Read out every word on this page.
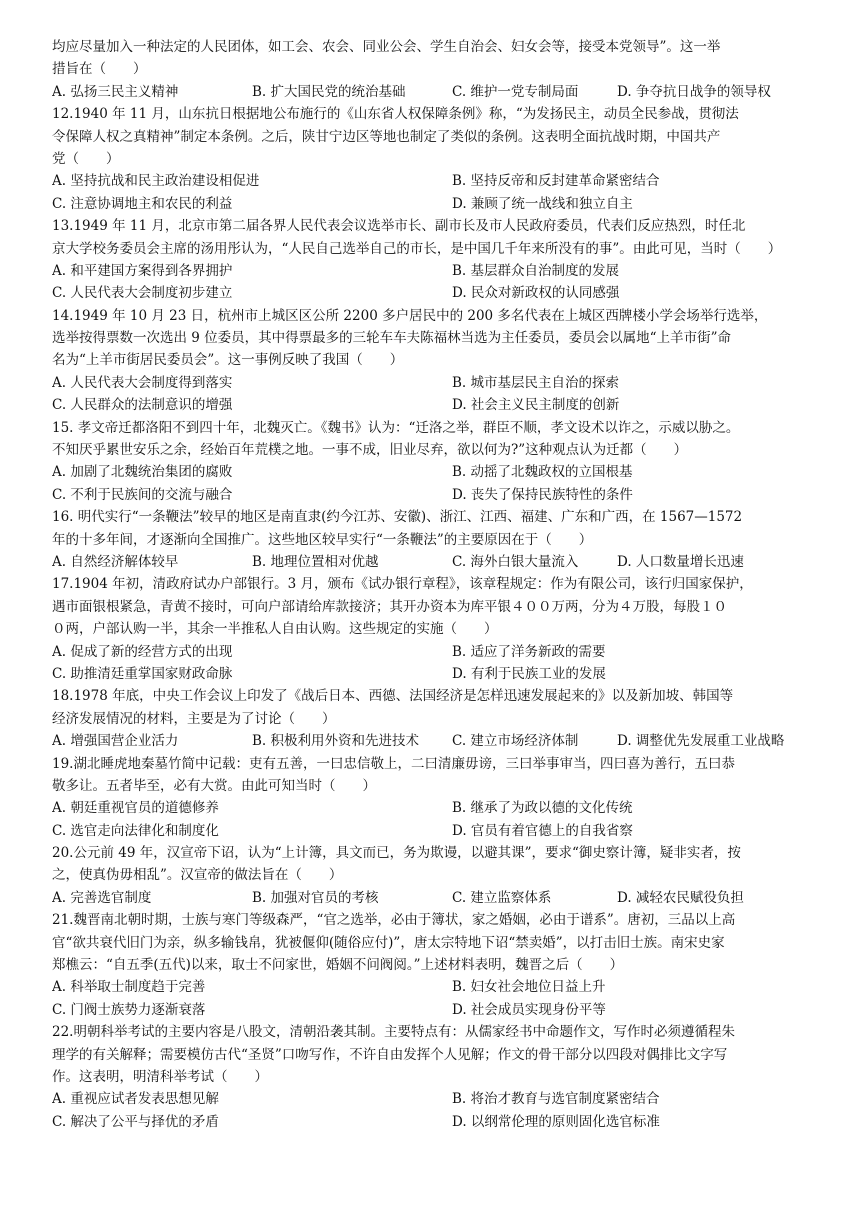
均应尽量加入一种法定的人民团体，如工会、农会、同业公会、学生自治会、妇女会等，接受本党领导”。这一举
措旨在（　　）
A. 弘扬三民主义精神	B. 扩大国民党的统治基础	C. 维护一党专制局面	D. 争夺抗日战争的领导权
12.1940 年 11 月，山东抗日根据地公布施行的《山东省人权保障条例》称，“为发扬民主，动员全民参战，贯彻法
令保障人权之真精神”制定本条例。之后，陕甘宁边区等地也制定了类似的条例。这表明全面抗战时期，中国共产
党（　　）
A. 坚持抗战和民主政治建设相促进	B. 坚持反帝和反封建革命紧密结合
C. 注意协调地主和农民的利益	D. 兼顾了统一战线和独立自主
13.1949 年 11 月，北京市第二届各界人民代表会议选举市长、副市长及市人民政府委员，代表们反应热烈，时任北
京大学校务委员会主席的汤用彤认为，“人民自己选举自己的市长，是中国几千年来所没有的事”。由此可见，当时（　　）
A. 和平建国方案得到各界拥护	B. 基层群众自治制度的发展
C. 人民代表大会制度初步建立	D. 民众对新政权的认同感强
14.1949 年 10 月 23 日，杭州市上城区区公所 2200 多户居民中的 200 多名代表在上城区西牌楼小学会场举行选举，
选举按得票数一次选出 9 位委员，其中得票最多的三轮车车夫陈福林当选为主任委员，委员会以属地“上羊市街”命
名为“上羊市街居民委员会”。这一事例反映了我国（　　）
A. 人民代表大会制度得到落实	B. 城市基层民主自治的探索
C. 人民群众的法制意识的增强	D. 社会主义民主制度的创新
15. 孝文帝迁都洛阳不到四十年，北魏灭亡。《魏书》认为：“迁洛之举，群臣不顺，孝文设术以诈之，示威以胁之。
不知厌乎累世安乐之余，经始百年荒樸之地。一事不成，旧业尽弃，欲以何为?”这种观点认为迁都（　　）
A. 加剧了北魏统治集团的腐败	B. 动摇了北魏政权的立国根基
C. 不利于民族间的交流与融合	D. 丧失了保持民族特性的条件
16. 明代实行“一条鞭法”较早的地区是南直隶(约今江苏、安徽)、浙江、江西、福建、广东和广西，在 1567—1572
年的十多年间，才逐渐向全国推广。这些地区较早实行“一条鞭法”的主要原因在于（　　）
A. 自然经济解体较早	B. 地理位置相对优越	C. 海外白银大量流入	D. 人口数量增长迅速
17.1904 年初，清政府试办户部银行。3 月，颁布《试办银行章程》，该章程规定：作为有限公司，该行归国家保护，
遇市面银根紧急，青黄不接时，可向户部请给库款接济；其开办资本为库平银４００万两，分为４万股，每股１０
０两，户部认购一半，其余一半推私人自由认购。这些规定的实施（　　）
A. 促成了新的经营方式的出现	B. 适应了洋务新政的需要
C. 助推清廷重掌国家财政命脉	D. 有利于民族工业的发展
18.1978 年底，中央工作会议上印发了《战后日本、西德、法国经济是怎样迅速发展起来的》以及新加坡、韩国等
经济发展情况的材料，主要是为了讨论（　　）
A. 增强国营企业活力	B. 积极利用外资和先进技术	C. 建立市场经济体制	D. 调整优先发展重工业战略
19.湖北睡虎地秦墓竹简中记载：吏有五善，一曰忠信敬上，二曰清廉毋谤，三曰举事审当，四曰喜为善行，五曰恭
敬多让。五者毕至，必有大赏。由此可知当时（　　）
A. 朝廷重视官员的道德修养	B. 继承了为政以德的文化传统
C. 选官走向法律化和制度化	D. 官员有着官德上的自我省察
20.公元前 49 年，汉宣帝下诏，认为“上计簿，具文而已，务为欺谩，以避其课”，要求“御史察计簿，疑非实者，按
之，使真伪毋相乱”。汉宣帝的做法旨在（　　）
A. 完善选官制度	B. 加强对官员的考核	C. 建立监察体系	D. 减轻农民赋役负担
21.魏晋南北朝时期，士族与寒门等级森严，“官之选举，必由于簿状，家之婚姻，必由于谱系”。唐初，三品以上高
官“欲共衰代旧门为亲，纵多输钱帛，犹被偃仰(随俗应付)”，唐太宗特地下诏“禁卖婚”，以打击旧士族。南宋史家
郑樵云：“自五季(五代)以来，取士不问家世，婚姻不问阀阅。”上述材料表明，魏晋之后（　　）
A. 科举取士制度趋于完善	B. 妇女社会地位日益上升
C. 门阀士族势力逐渐衰落	D. 社会成员实现身份平等
22.明朝科举考试的主要内容是八股文，清朝沿袭其制。主要特点有：从儒家经书中命题作文，写作时必须遵循程朱
理学的有关解释；需要模仿古代“圣贤”口吻写作，不许自由发挥个人见解；作文的骨干部分以四段对偶排比文字写
作。这表明，明清科举考试（　　）
A. 重视应试者发表思想见解	B. 将治才教育与选官制度紧密结合
C. 解决了公平与择优的矛盾	D. 以纲常伦理的原则固化选官标准
